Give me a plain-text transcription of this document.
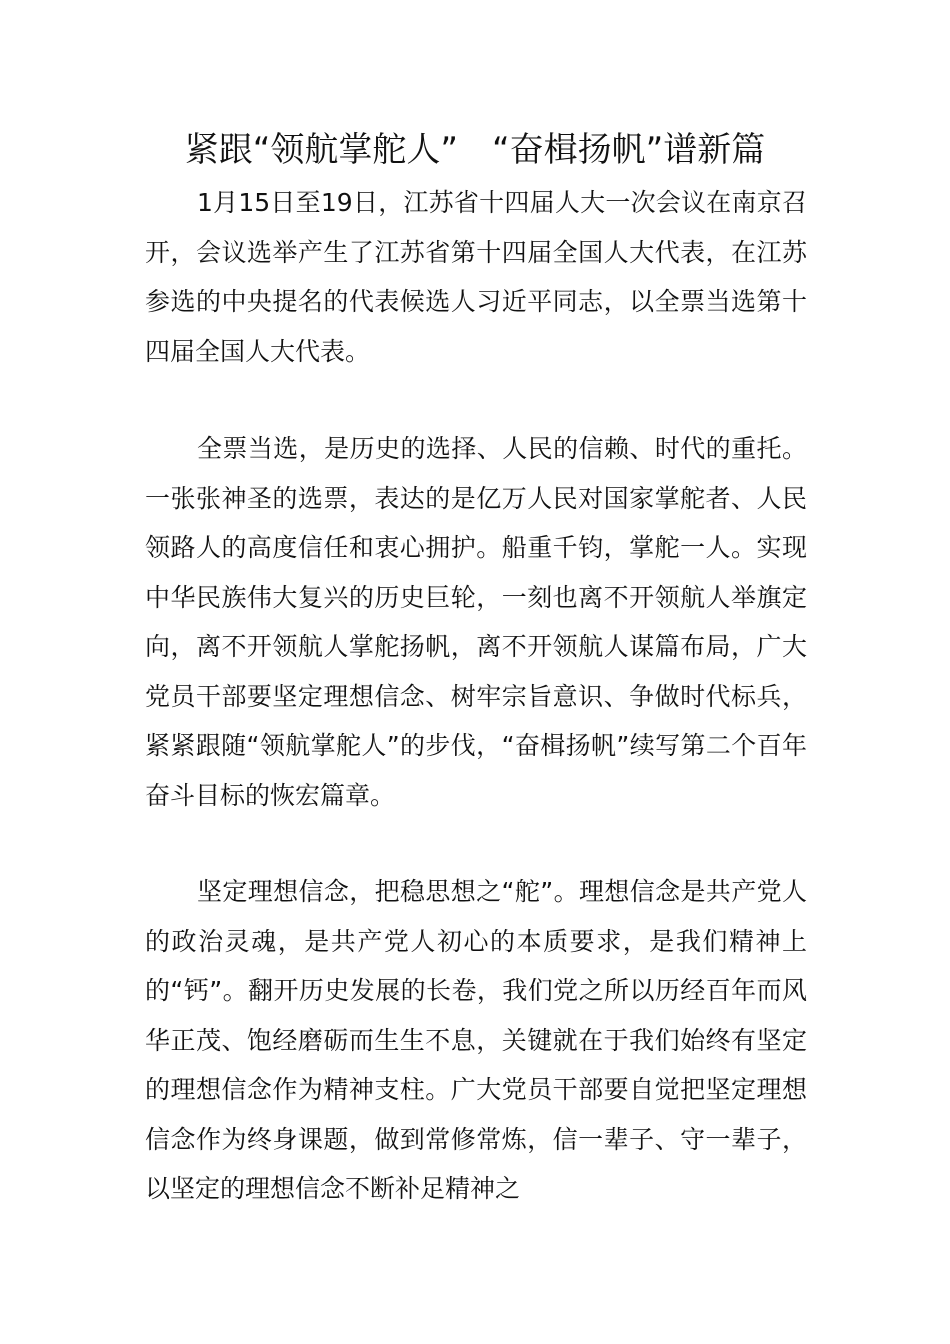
紧跟“领航掌舵人”　“奋楫扬帆”谱新篇

1月15日至19日，江苏省十四届人大一次会议在南京召开，会议选举产生了江苏省第十四届全国人大代表，在江苏参选的中央提名的代表候选人习近平同志，以全票当选第十四届全国人大代表。

全票当选，是历史的选择、人民的信赖、时代的重托。一张张神圣的选票，表达的是亿万人民对国家掌舵者、人民领路人的高度信任和衷心拥护。船重千钧，掌舵一人。实现中华民族伟大复兴的历史巨轮，一刻也离不开领航人举旗定向，离不开领航人掌舵扬帆，离不开领航人谋篇布局，广大党员干部要坚定理想信念、树牢宗旨意识、争做时代标兵，紧紧跟随“领航掌舵人”的步伐，“奋楫扬帆”续写第二个百年奋斗目标的恢宏篇章。

坚定理想信念，把稳思想之“舵”。理想信念是共产党人的政治灵魂，是共产党人初心的本质要求，是我们精神上的“钙”。翻开历史发展的长卷，我们党之所以历经百年而风华正茂、饱经磨砺而生生不息，关键就在于我们始终有坚定的理想信念作为精神支柱。广大党员干部要自觉把坚定理想信念作为终身课题，做到常修常炼，信一辈子、守一辈子，以坚定的理想信念不断补足精神之
